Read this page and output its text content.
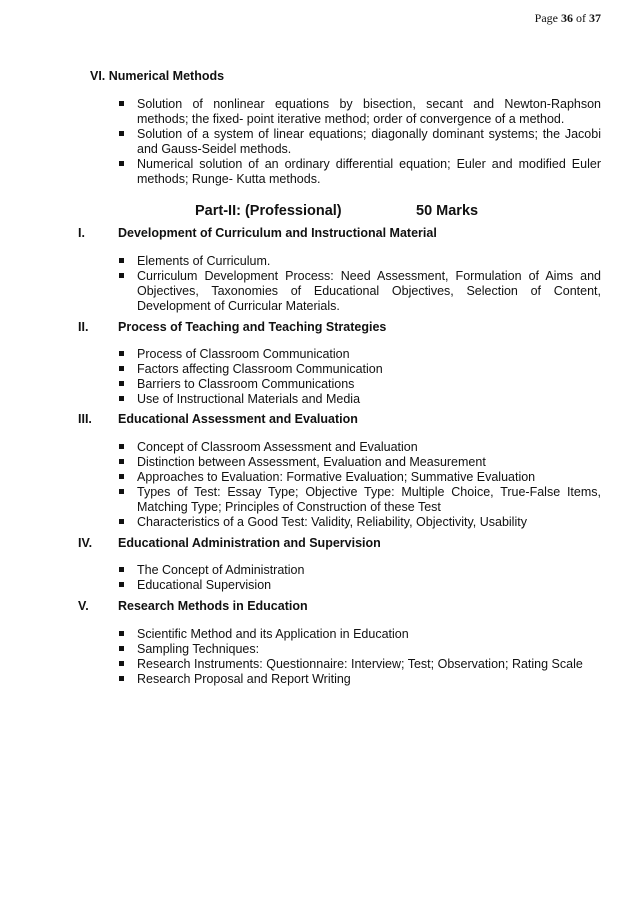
Page 36 of 37
VI. Numerical Methods
Solution of nonlinear equations by bisection, secant and Newton-Raphson methods; the fixed- point iterative method; order of convergence of a method.
Solution of a system of linear equations; diagonally dominant systems; the Jacobi and Gauss-Seidel methods.
Numerical solution of an ordinary differential equation; Euler and modified Euler methods; Runge- Kutta methods.
Part-II: (Professional)	50 Marks
I.	Development of Curriculum and Instructional Material
Elements of Curriculum.
Curriculum Development Process: Need Assessment, Formulation of Aims and Objectives, Taxonomies of Educational Objectives, Selection of Content, Development of Curricular Materials.
II. Process of Teaching and Teaching Strategies
Process of Classroom Communication
Factors affecting Classroom Communication
Barriers to Classroom Communications
Use of Instructional Materials and Media
III. Educational Assessment and Evaluation
Concept of Classroom Assessment and Evaluation
Distinction between Assessment, Evaluation and Measurement
Approaches to Evaluation: Formative Evaluation; Summative Evaluation
Types of Test: Essay Type; Objective Type: Multiple Choice, True-False Items, Matching Type; Principles of Construction of these Test
Characteristics of a Good Test: Validity, Reliability, Objectivity, Usability
IV. Educational Administration and Supervision
The Concept of Administration
Educational Supervision
V. Research Methods in Education
Scientific Method and its Application in Education
Sampling Techniques:
Research Instruments: Questionnaire: Interview; Test; Observation; Rating Scale
Research Proposal and Report Writing
